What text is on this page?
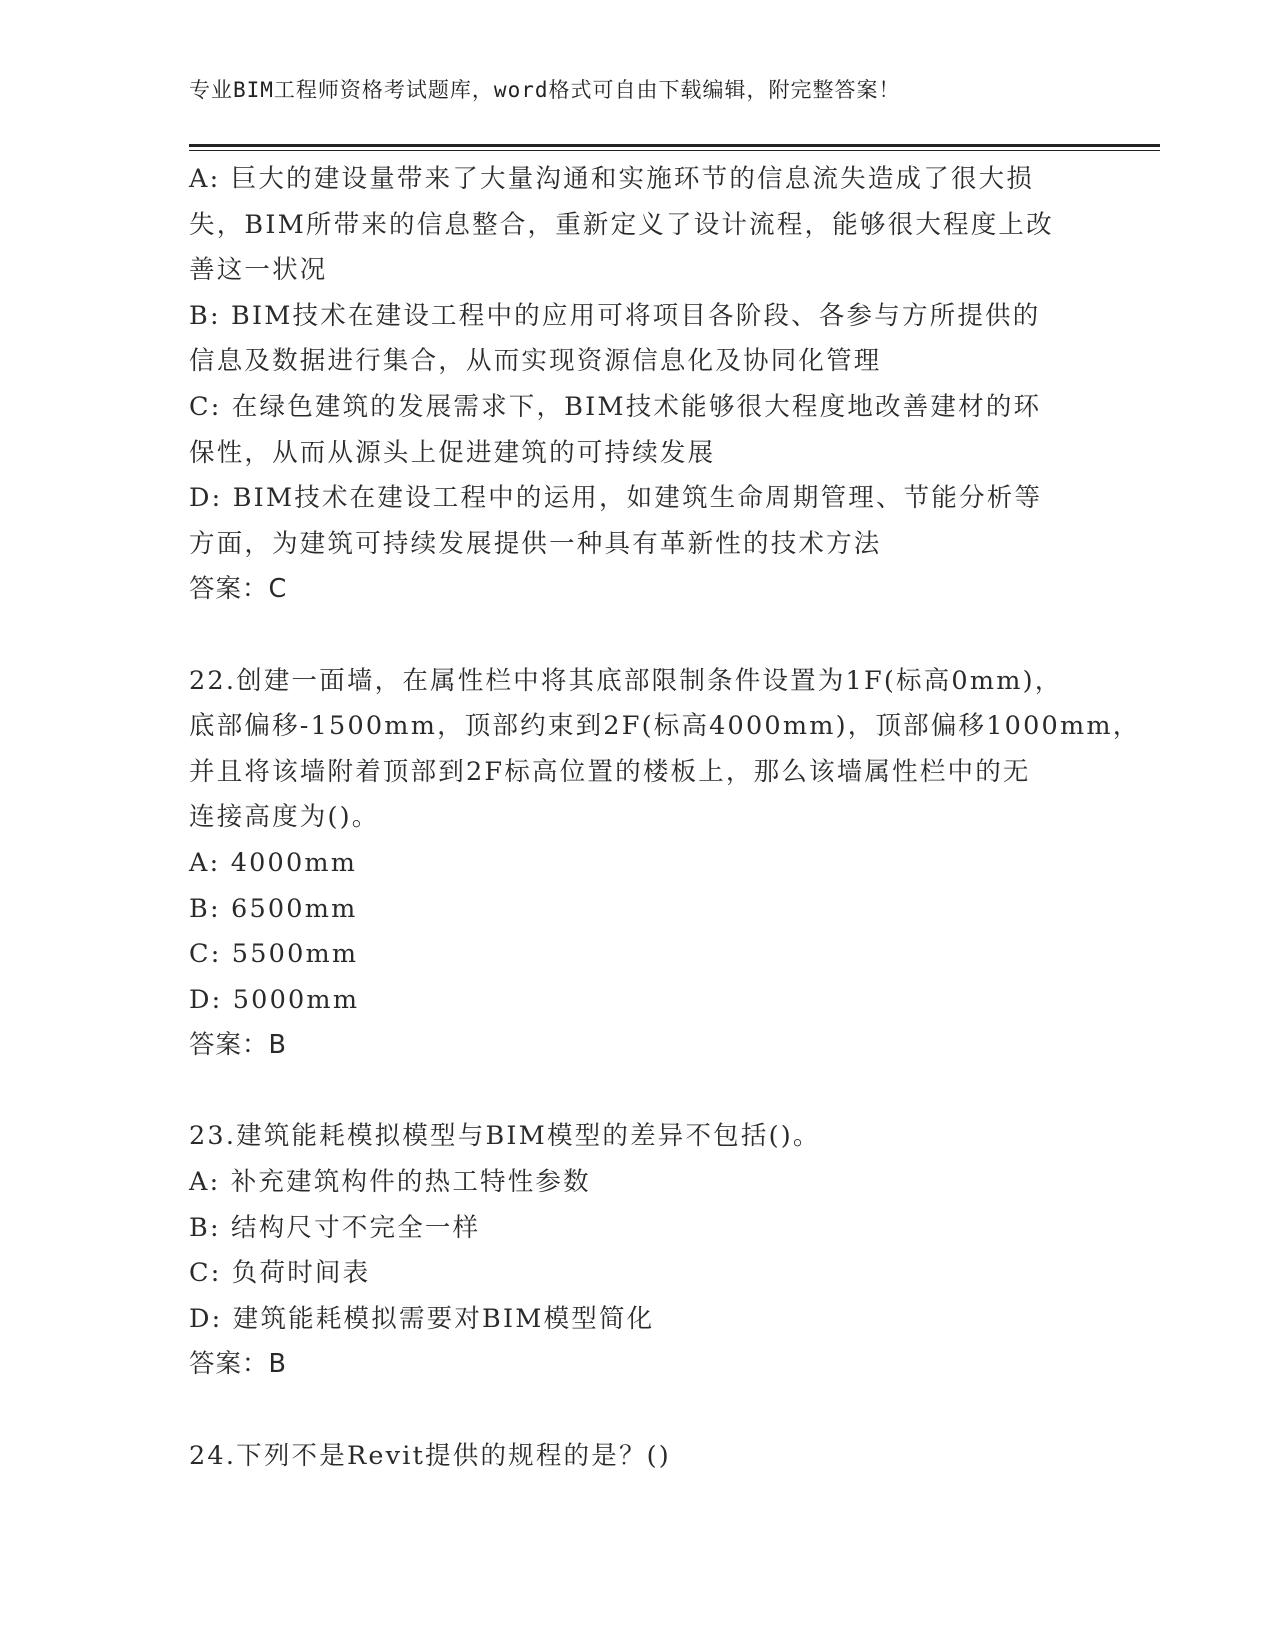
专业BIM工程师资格考试题库，word格式可自由下载编辑，附完整答案！
A: 巨大的建设量带来了大量沟通和实施环节的信息流失造成了很大损
失，BIM所带来的信息整合，重新定义了设计流程，能够很大程度上改
善这一状况
B: BIM技术在建设工程中的应用可将项目各阶段、各参与方所提供的
信息及数据进行集合，从而实现资源信息化及协同化管理
C: 在绿色建筑的发展需求下，BIM技术能够很大程度地改善建材的环
保性，从而从源头上促进建筑的可持续发展
D: BIM技术在建设工程中的运用，如建筑生命周期管理、节能分析等
方面，为建筑可持续发展提供一种具有革新性的技术方法
答案：C
22.创建一面墙，在属性栏中将其底部限制条件设置为1F(标高0mm)，
底部偏移-1500mm，顶部约束到2F(标高4000mm)，顶部偏移1000mm，
并且将该墙附着顶部到2F标高位置的楼板上，那么该墙属性栏中的无
连接高度为()。
A: 4000mm
B: 6500mm
C: 5500mm
D: 5000mm
答案：B
23.建筑能耗模拟模型与BIM模型的差异不包括()。
A: 补充建筑构件的热工特性参数
B: 结构尺寸不完全一样
C: 负荷时间表
D: 建筑能耗模拟需要对BIM模型简化
答案：B
24.下列不是Revit提供的规程的是？()
